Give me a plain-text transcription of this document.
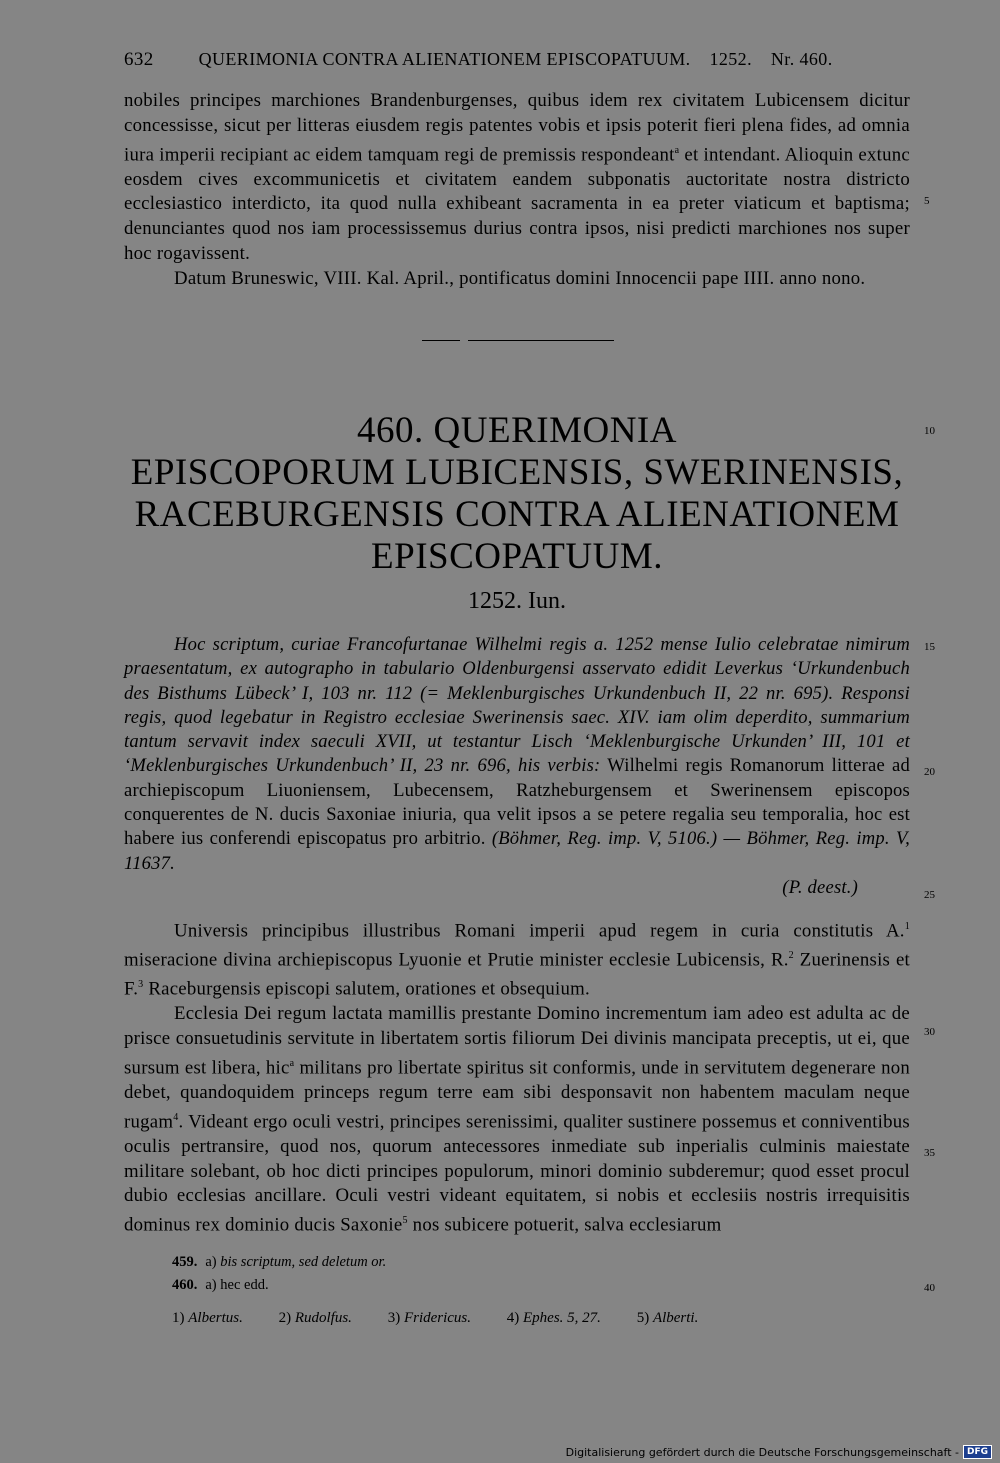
632 QUERIMONIA CONTRA ALIENATIONEM EPISCOPATUUM. 1252. Nr. 460.

nobiles principes marchiones Brandenburgenses, quibus idem rex civitatem Lubicensem dicitur concessisse, sicut per litteras eiusdem regis patentes vobis et ipsis poterit fieri plena fides, ad omnia iura imperii recipiant ac eidem tamquam regi de premissis respondeant$^a$ et intendant. Alioquin extunc eosdem cives excommunicetis et civitatem eandem subponatis auctoritate nostra districto ecclesiastico interdicto, ita quod nulla exhibeant sacramenta in ea preter viaticum et baptisma; denunciantes quod nos iam processissemus durius contra ipsos, nisi predicti marchiones nos super hoc rogavissent.

Datum Bruneswic, VIII. Kal. April., pontificatus domini Innocencii pape IIII. anno nono.

460. QUERIMONIA
EPISCOPORUM LUBICENSIS, SWERINENSIS,
RACEBURGENSIS CONTRA ALIENATIONEM
EPISCOPATUUM.
1252. Iun.

Hoc scriptum, curiae Francofurtanae Wilhelmi regis a. 1252 mense Iulio celebratae nimirum praesentatum, ex autographo in tabulario Oldenburgensi asservato edidit Leverkus ‘Urkundenbuch des Bisthums Lübeck’ I, 103 nr. 112 (= Meklenburgisches Urkundenbuch II, 22 nr. 695). Responsi regis, quod legebatur in Registro ecclesiae Swerinensis saec. XIV. iam olim deperdito, summarium tantum servavit index saeculi XVII, ut testantur Lisch ‘Meklenburgische Urkunden’ III, 101 et ‘Meklenburgisches Urkundenbuch’ II, 23 nr. 696, his verbis: Wilhelmi regis Romanorum litterae ad archiepiscopum Liuoniensem, Lubecensem, Ratzheburgensem et Swerinensem episcopos conquerentes de N. ducis Saxoniae iniuria, qua velit ipsos a se petere regalia seu temporalia, hoc est habere ius conferendi episcopatus pro arbitrio. (Böhmer, Reg. imp. V, 5106.) — Böhmer, Reg. imp. V, 11637.

(P. deest.)

Universis principibus illustribus Romani imperii apud regem in curia constitutis A.$^1$ miseracione divina archiepiscopus Lyuonie et Prutie minister ecclesie Lubicensis, R.$^2$ Zuerinensis et F.$^3$ Raceburgensis episcopi salutem, orationes et obsequium.

Ecclesia Dei regum lactata mamillis prestante Domino incrementum iam adeo est adulta ac de prisce consuetudinis servitute in libertatem sortis filiorum Dei divinis mancipata preceptis, ut ei, que sursum est libera, hic$^a$ militans pro libertate spiritus sit conformis, unde in servitutem degenerare non debet, quandoquidem princeps regum terre eam sibi desponsavit non habentem maculam neque rugam$^4$. Videant ergo oculi vestri, principes serenissimi, qualiter sustinere possemus et conniventibus oculis pertransire, quod nos, quorum antecessores inmediate sub inperialis culminis maiestate militare solebant, ob hoc dicti principes populorum, minori dominio subderemur; quod esset procul dubio ecclesias ancillare. Oculi vestri videant equitatem, si nobis et ecclesiis nostris irrequisitis dominus rex dominio ducis Saxonie$^5$ nos subicere potuerit, salva ecclesiarum

459. a) bis scriptum, sed deletum or.
460. a) hec edd.
1) Albertus. 2) Rudolfus. 3) Fridericus. 4) Ephes. 5, 27. 5) Alberti.
5
10
15
20
25
30
35
40
Digitalisierung gefördert durch die Deutsche Forschungsgemeinschaft - DFG
